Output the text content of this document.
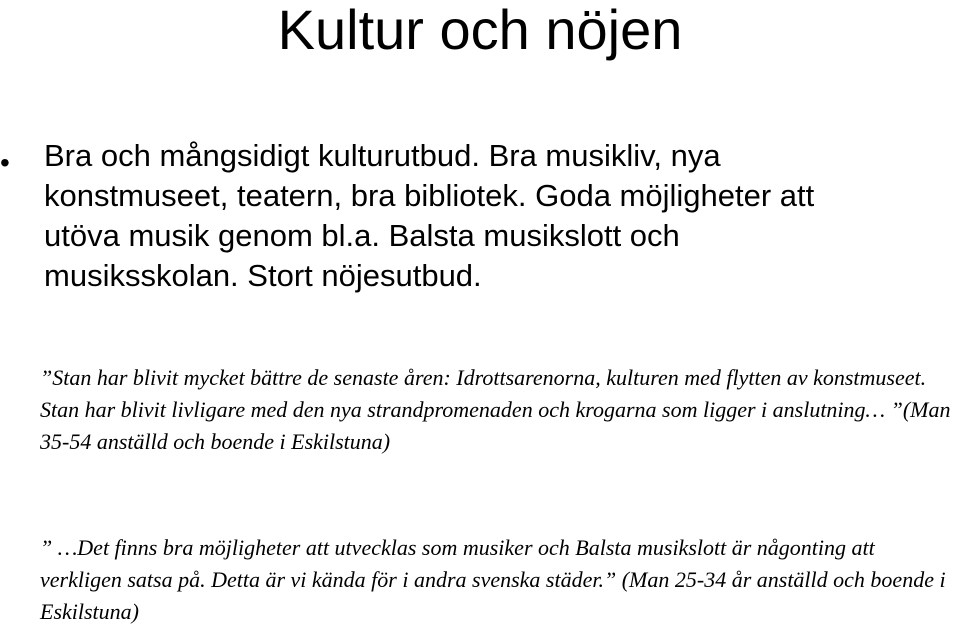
Kultur och nöjen
• Bra och mångsidigt kulturutbud. Bra musikliv, nya konstmuseet, teatern, bra bibliotek. Goda möjligheter att utöva musik genom bl.a. Balsta musikslott och musiksskolan. Stort nöjesutbud.
”Stan har blivit mycket bättre de senaste åren: Idrottsarenorna, kulturen med flytten av konstmuseet. Stan har blivit livligare med den nya strandpromenaden och krogarna som ligger i anslutning… ”(Man 35-54 anställd och boende i Eskilstuna)
” …Det finns bra möjligheter att utvecklas som musiker och Balsta musikslott är någonting att verkligen satsa på. Detta är vi kända för i andra svenska städer.” (Man 25-34 år anställd och boende i Eskilstuna)
